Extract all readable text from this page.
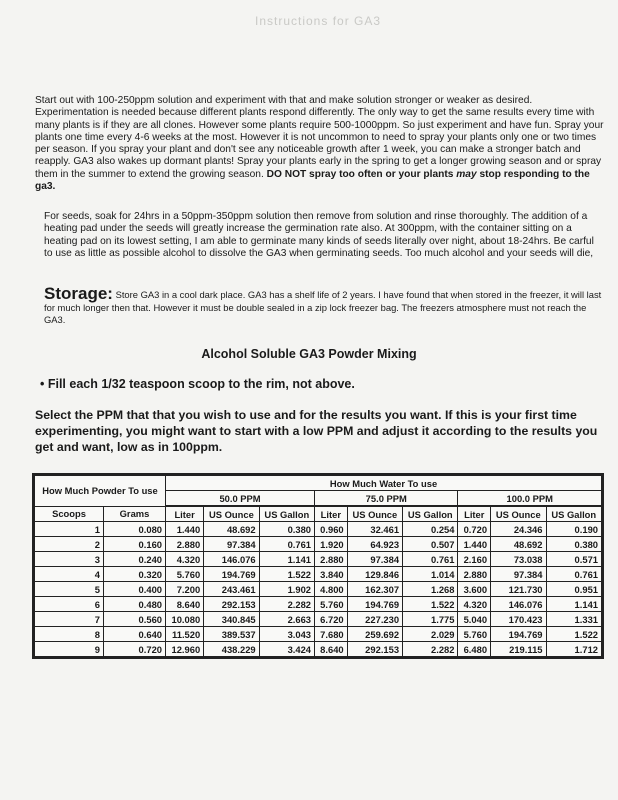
Instructions for GA3

Start out with 100-250ppm solution and experiment with that and make solution stronger or weaker as desired. Experimentation is needed because different plants respond differently. The only way to get the same results every time with many plants is if they are all clones. However some plants require 500-1000ppm. So just experiment and have fun. Spray your plants one time every 4-6 weeks at the most. However it is not uncommon to need to spray your plants only one or two times per season. If you spray your plant and don't see any noticeable growth after 1 week, you can make a stronger batch and reapply. GA3 also wakes up dormant plants! Spray your plants early in the spring to get a longer growing season and or spray them in the summer to extend the growing season. DO NOT spray too often or your plants may stop responding to the ga3.

For seeds, soak for 24hrs in a 50ppm-350ppm solution then remove from solution and rinse thoroughly. The addition of a heating pad under the seeds will greatly increase the germination rate also. At 300ppm, with the container sitting on a heating pad on its lowest setting, I am able to germinate many kinds of seeds literally over night, about 18-24hrs. Be carful to use as little as possible alcohol to dissolve the GA3 when germinating seeds. Too much alcohol and your seeds will die,

Storage: Store GA3 in a cool dark place. GA3 has a shelf life of 2 years. I have found that when stored in the freezer, it will last for much longer then that. However it must be double sealed in a zip lock freezer bag. The freezers atmosphere must not reach the GA3.

Alcohol Soluble GA3 Powder Mixing

• Fill each 1/32 teaspoon scoop to the rim, not above.

Select the PPM that that you wish to use and for the results you want. If this is your first time experimenting, you might want to start with a low PPM and adjust it according to the results you get and want, low as in 100ppm.

How Much Powder To use		How Much Water To use								
		50.0 PPM			75.0 PPM			100.0 PPM		
Scoops	Grams	Liter	US Ounce	US Gallon	Liter	US Ounce	US Gallon	Liter	US Ounce	US Gallon
1	0.080	1.440	48.692	0.380	0.960	32.461	0.254	0.720	24.346	0.190
2	0.160	2.880	97.384	0.761	1.920	64.923	0.507	1.440	48.692	0.380
3	0.240	4.320	146.076	1.141	2.880	97.384	0.761	2.160	73.038	0.571
4	0.320	5.760	194.769	1.522	3.840	129.846	1.014	2.880	97.384	0.761
5	0.400	7.200	243.461	1.902	4.800	162.307	1.268	3.600	121.730	0.951
6	0.480	8.640	292.153	2.282	5.760	194.769	1.522	4.320	146.076	1.141
7	0.560	10.080	340.845	2.663	6.720	227.230	1.775	5.040	170.423	1.331
8	0.640	11.520	389.537	3.043	7.680	259.692	2.029	5.760	194.769	1.522
9	0.720	12.960	438.229	3.424	8.640	292.153	2.282	6.480	219.115	1.712
